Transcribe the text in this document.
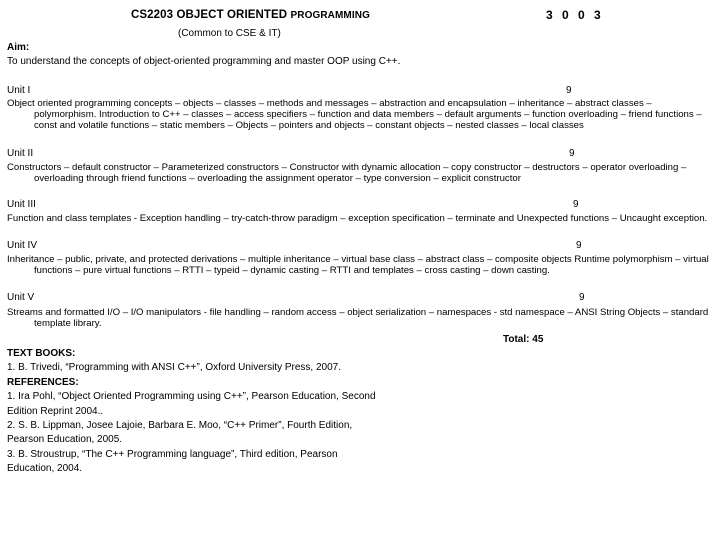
CS2203 OBJECT ORIENTED PROGRAMMING	3 0 0 3
(Common to CSE & IT)
Aim:
To understand the concepts of object-oriented programming and master OOP using C++.
Unit I	9
Object oriented programming concepts – objects – classes – methods and messages – abstraction and encapsulation – inheritance – abstract classes – polymorphism. Introduction to C++ – classes – access specifiers – function and data members – default arguments – function overloading – friend functions – const and volatile functions – static members – Objects – pointers and objects – constant objects – nested classes – local classes
Unit II	9
Constructors – default constructor – Parameterized constructors – Constructor with dynamic allocation – copy constructor – destructors – operator overloading – overloading through friend functions – overloading the assignment operator – type conversion – explicit constructor
Unit III	9
Function and class templates - Exception handling – try-catch-throw paradigm – exception specification – terminate and Unexpected functions – Uncaught exception.
Unit IV	9
Inheritance – public, private, and protected derivations – multiple inheritance – virtual base class – abstract class – composite objects Runtime polymorphism – virtual functions – pure virtual functions – RTTI – typeid – dynamic casting – RTTI and templates – cross casting – down casting.
Unit V	9
Streams and formatted I/O – I/O manipulators - file handling – random access – object serialization – namespaces - std namespace – ANSI String Objects – standard template library.
Total: 45
TEXT BOOKS:
1. B. Trivedi, “Programming with ANSI C++”, Oxford University Press, 2007.
REFERENCES:
1. Ira Pohl, “Object Oriented Programming using C++”, Pearson Education, Second
Edition Reprint 2004..
2. S. B. Lippman, Josee Lajoie, Barbara E. Moo, “C++ Primer”, Fourth Edition,
Pearson Education, 2005.
3. B. Stroustrup, “The C++ Programming language”, Third edition, Pearson
Education, 2004.
